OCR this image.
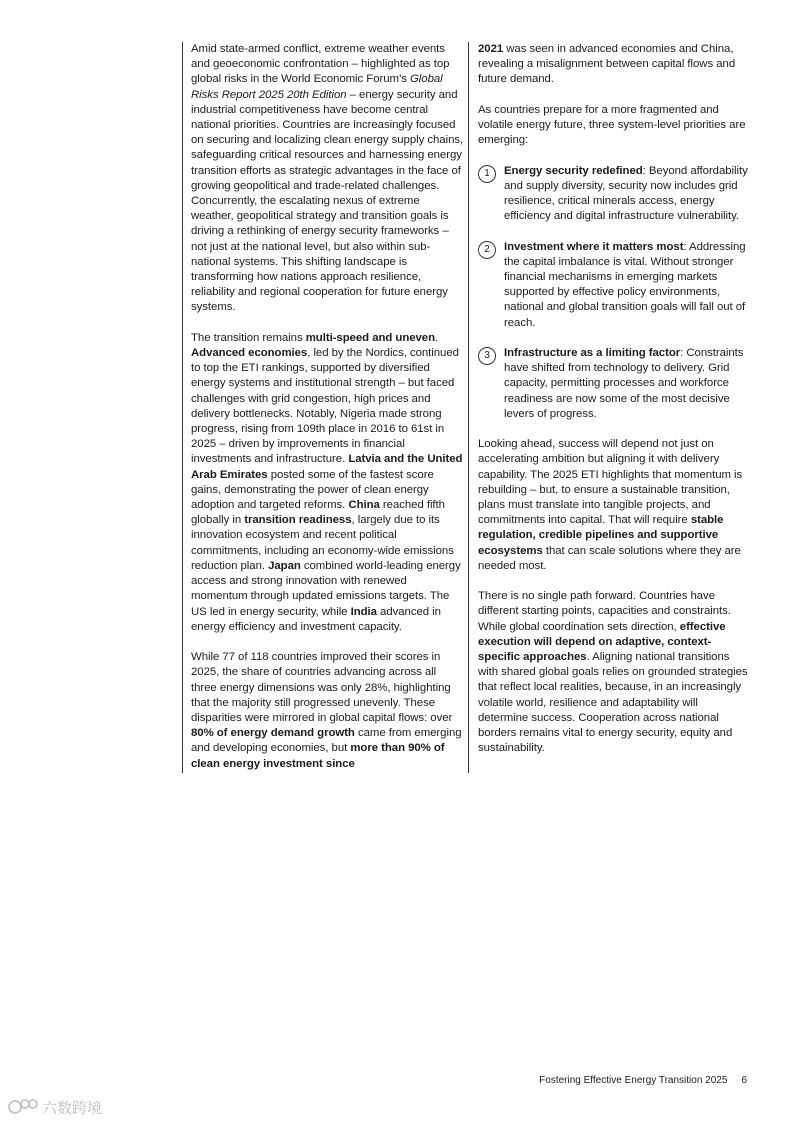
Amid state-armed conflict, extreme weather events and geoeconomic confrontation – highlighted as top global risks in the World Economic Forum’s Global Risks Report 2025 20th Edition – energy security and industrial competitiveness have become central national priorities. Countries are increasingly focused on securing and localizing clean energy supply chains, safeguarding critical resources and harnessing energy transition efforts as strategic advantages in the face of growing geopolitical and trade-related challenges. Concurrently, the escalating nexus of extreme weather, geopolitical strategy and transition goals is driving a rethinking of energy security frameworks – not just at the national level, but also within sub-national systems. This shifting landscape is transforming how nations approach resilience, reliability and regional cooperation for future energy systems.

The transition remains multi-speed and uneven. Advanced economies, led by the Nordics, continued to top the ETI rankings, supported by diversified energy systems and institutional strength – but faced challenges with grid congestion, high prices and delivery bottlenecks. Notably, Nigeria made strong progress, rising from 109th place in 2016 to 61st in 2025 – driven by improvements in financial investments and infrastructure. Latvia and the United Arab Emirates posted some of the fastest score gains, demonstrating the power of clean energy adoption and targeted reforms. China reached fifth globally in transition readiness, largely due to its innovation ecosystem and recent political commitments, including an economy-wide emissions reduction plan. Japan combined world-leading energy access and strong innovation with renewed momentum through updated emissions targets. The US led in energy security, while India advanced in energy efficiency and investment capacity.

While 77 of 118 countries improved their scores in 2025, the share of countries advancing across all three energy dimensions was only 28%, highlighting that the majority still progressed unevenly. These disparities were mirrored in global capital flows: over 80% of energy demand growth came from emerging and developing economies, but more than 90% of clean energy investment since

2021 was seen in advanced economies and China, revealing a misalignment between capital flows and future demand.

As countries prepare for a more fragmented and volatile energy future, three system-level priorities are emerging:

1	Energy security redefined: Beyond affordability and supply diversity, security now includes grid resilience, critical minerals access, energy efficiency and digital infrastructure vulnerability.
2	Investment where it matters most: Addressing the capital imbalance is vital. Without stronger financial mechanisms in emerging markets supported by effective policy environments, national and global transition goals will fall out of reach.
3	Infrastructure as a limiting factor: Constraints have shifted from technology to delivery. Grid capacity, permitting processes and workforce readiness are now some of the most decisive levers of progress.

Looking ahead, success will depend not just on accelerating ambition but aligning it with delivery capability. The 2025 ETI highlights that momentum is rebuilding – but, to ensure a sustainable transition, plans must translate into tangible projects, and commitments into capital. That will require stable regulation, credible pipelines and supportive ecosystems that can scale solutions where they are needed most.

There is no single path forward. Countries have different starting points, capacities and constraints. While global coordination sets direction, effective execution will depend on adaptive, context-specific approaches. Aligning national transitions with shared global goals relies on grounded strategies that reflect local realities, because, in an increasingly volatile world, resilience and adaptability will determine success. Cooperation across national borders remains vital to energy security, equity and sustainability.

Fostering Effective Energy Transition 2025 6
六数跨境
